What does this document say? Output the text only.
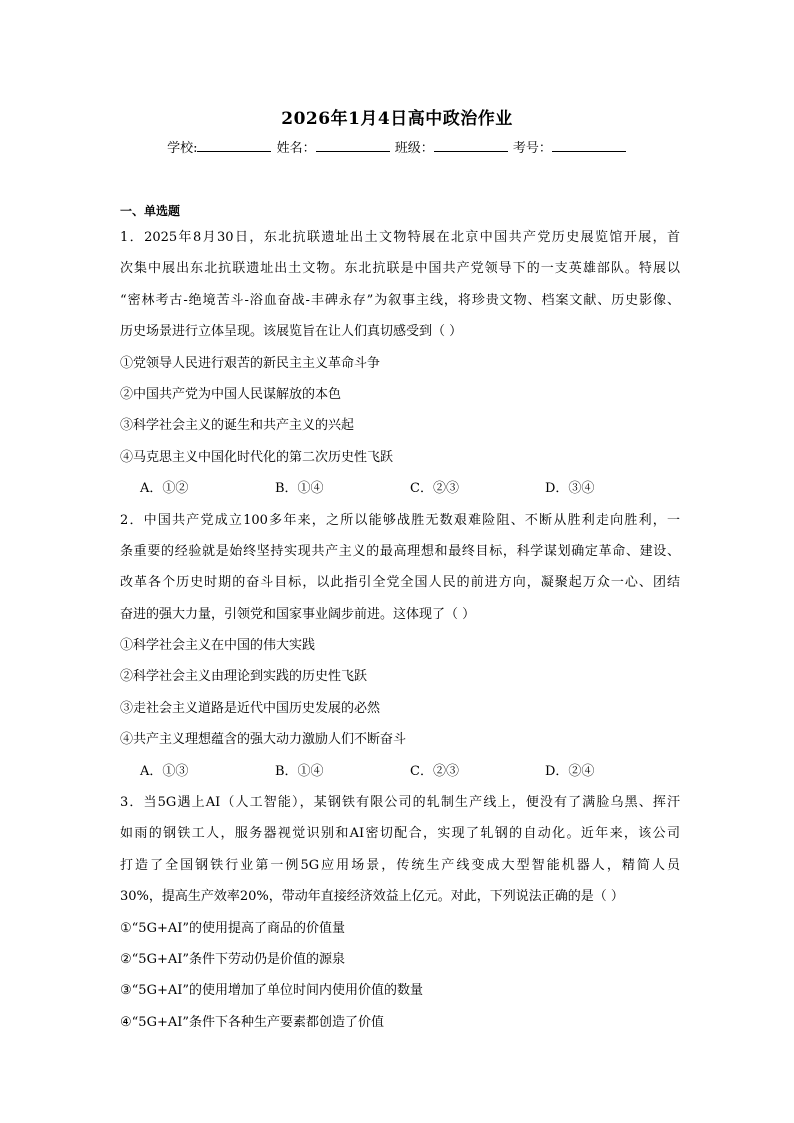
2026年1月4日高中政治作业
学校:	姓名：	班级：	考号：
一、单选题
1．2025年8月30日，东北抗联遗址出土文物特展在北京中国共产党历史展览馆开展，首
次集中展出东北抗联遗址出土文物。东北抗联是中国共产党领导下的一支英雄部队。特展以
“密林考古-绝境苦斗-浴血奋战-丰碑永存”为叙事主线，将珍贵文物、档案文献、历史影像、
历史场景进行立体呈现。该展览旨在让人们真切感受到（ ）
①党领导人民进行艰苦的新民主主义革命斗争
②中国共产党为中国人民谋解放的本色
③科学社会主义的诞生和共产主义的兴起
④马克思主义中国化时代化的第二次历史性飞跃
A．①②	B．①④	C．②③	D．③④
2．中国共产党成立100多年来，之所以能够战胜无数艰难险阻、不断从胜利走向胜利，一
条重要的经验就是始终坚持实现共产主义的最高理想和最终目标，科学谋划确定革命、建设、
改革各个历史时期的奋斗目标，以此指引全党全国人民的前进方向，凝聚起万众一心、团结
奋进的强大力量，引领党和国家事业阔步前进。这体现了（ ）
①科学社会主义在中国的伟大实践
②科学社会主义由理论到实践的历史性飞跃
③走社会主义道路是近代中国历史发展的必然
④共产主义理想蕴含的强大动力激励人们不断奋斗
A．①③	B．①④	C．②③	D．②④
3．当5G遇上AI（人工智能），某钢铁有限公司的轧制生产线上，便没有了满脸乌黑、挥汗
如雨的钢铁工人，服务器视觉识别和AI密切配合，实现了轧钢的自动化。近年来，该公司
打造了全国钢铁行业第一例5G应用场景，传统生产线变成大型智能机器人，精简人员
30%，提高生产效率20%，带动年直接经济效益上亿元。对此，下列说法正确的是（ ）
①“5G+AI”的使用提高了商品的价值量
②“5G+AI”条件下劳动仍是价值的源泉
③“5G+AI”的使用增加了单位时间内使用价值的数量
④“5G+AI”条件下各种生产要素都创造了价值
